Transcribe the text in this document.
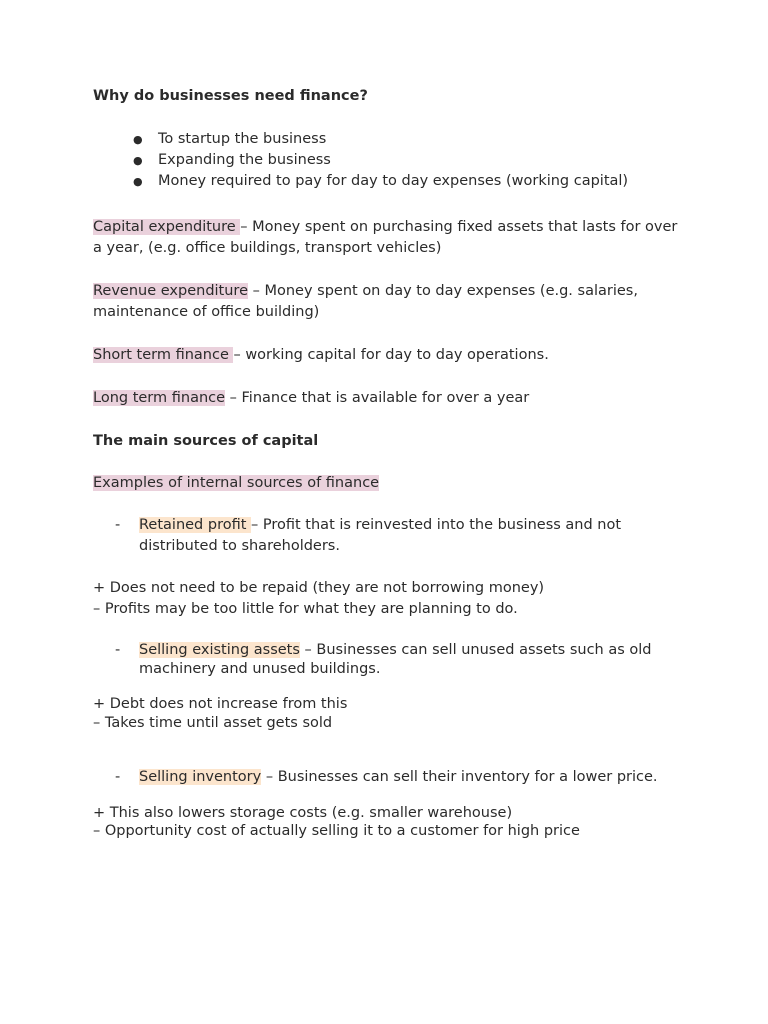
Why do businesses need finance?

● To startup the business
● Expanding the business
● Money required to pay for day to day expenses (working capital)

Capital expenditure – Money spent on purchasing fixed assets that lasts for over a year, (e.g. office buildings, transport vehicles)

Revenue expenditure – Money spent on day to day expenses (e.g. salaries, maintenance of office building)

Short term finance – working capital for day to day operations.

Long term finance – Finance that is available for over a year

The main sources of capital

Examples of internal sources of finance

- Retained profit – Profit that is reinvested into the business and not distributed to shareholders.

+ Does not need to be repaid (they are not borrowing money)

– Profits may be too little for what they are planning to do.

- Selling existing assets – Businesses can sell unused assets such as old machinery and unused buildings.

+ Debt does not increase from this

– Takes time until asset gets sold

- Selling inventory – Businesses can sell their inventory for a lower price.

+ This also lowers storage costs (e.g. smaller warehouse)

– Opportunity cost of actually selling it to a customer for high price
